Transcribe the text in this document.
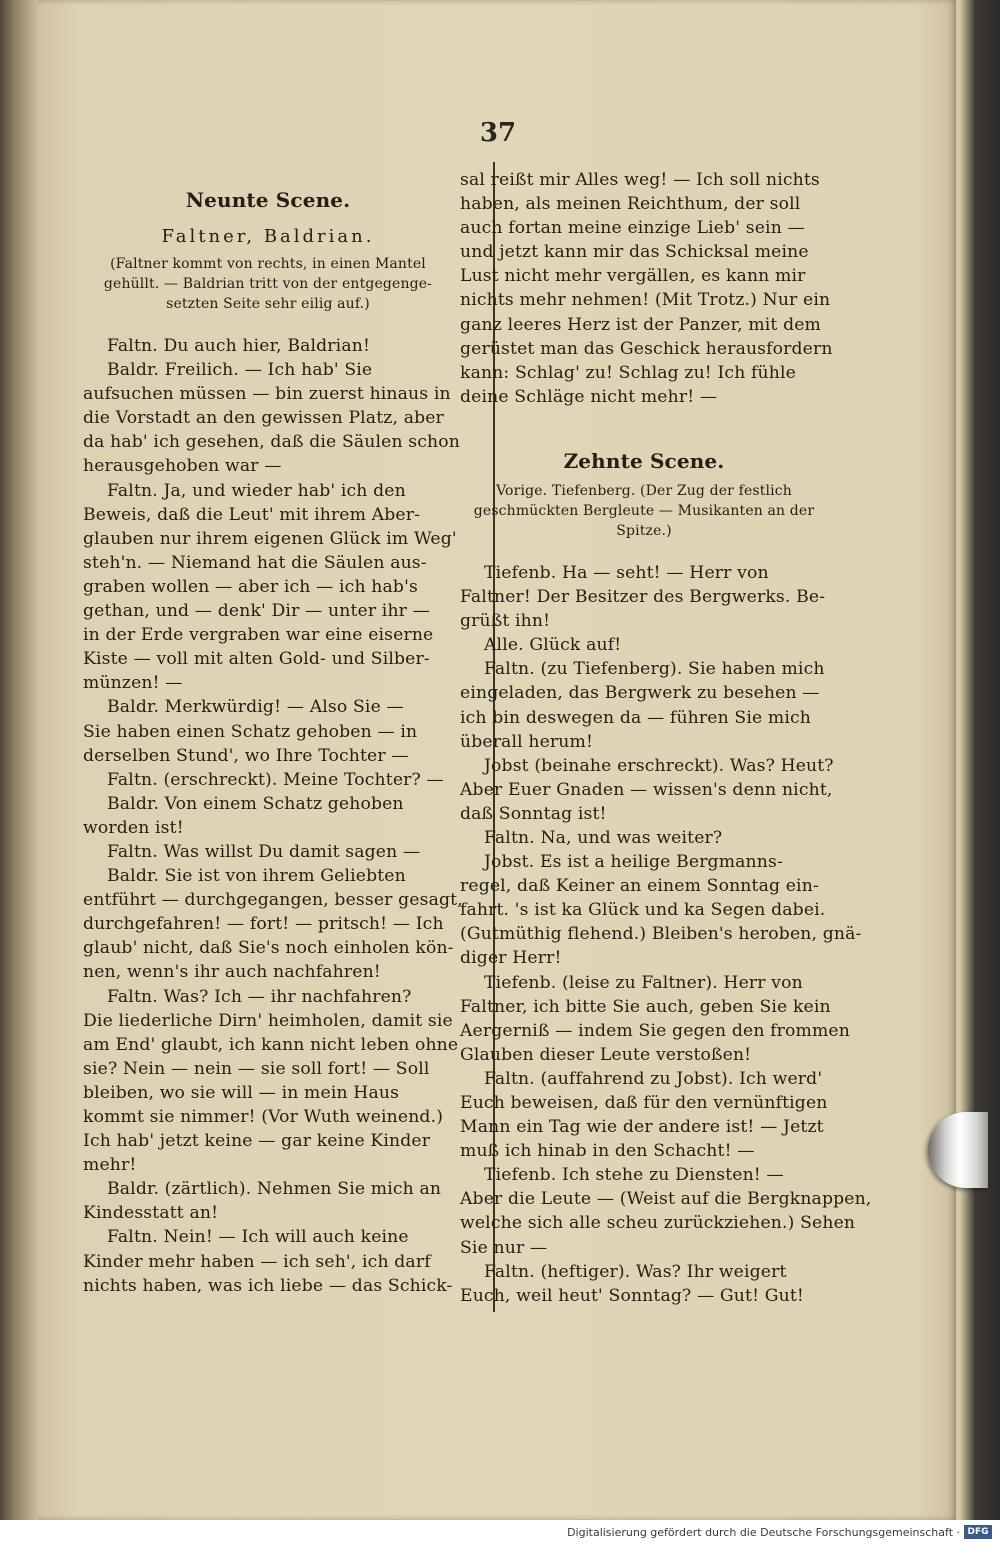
37
Neunte Scene.
Faltner, Baldrian.
(Faltner kommt von rechts, in einen Mantel
gehüllt. — Baldrian tritt von der entgegenge-
setzten Seite sehr eilig auf.)
Faltn. Du auch hier, Baldrian!
Baldr. Freilich. — Ich hab' Sie
aufsuchen müssen — bin zuerst hinaus in
die Vorstadt an den gewissen Platz, aber
da hab' ich gesehen, daß die Säulen schon
herausgehoben war —
Faltn. Ja, und wieder hab' ich den
Beweis, daß die Leut' mit ihrem Aber-
glauben nur ihrem eigenen Glück im Weg'
steh'n. — Niemand hat die Säulen aus-
graben wollen — aber ich — ich hab's
gethan, und — denk' Dir — unter ihr —
in der Erde vergraben war eine eiserne
Kiste — voll mit alten Gold- und Silber-
münzen! —
Baldr. Merkwürdig! — Also Sie —
Sie haben einen Schatz gehoben — in
derselben Stund', wo Ihre Tochter —
Faltn. (erschreckt). Meine Tochter? —
Baldr. Von einem Schatz gehoben
worden ist!
Faltn. Was willst Du damit sagen —
Baldr. Sie ist von ihrem Geliebten
entführt — durchgegangen, besser gesagt,
durchgefahren! — fort! — pritsch! — Ich
glaub' nicht, daß Sie's noch einholen kön-
nen, wenn's ihr auch nachfahren!
Faltn. Was? Ich — ihr nachfahren?
Die liederliche Dirn' heimholen, damit sie
am End' glaubt, ich kann nicht leben ohne
sie? Nein — nein — sie soll fort! — Soll
bleiben, wo sie will — in mein Haus
kommt sie nimmer! (Vor Wuth weinend.)
Ich hab' jetzt keine — gar keine Kinder
mehr!
Baldr. (zärtlich). Nehmen Sie mich an
Kindesstatt an!
Faltn. Nein! — Ich will auch keine
Kinder mehr haben — ich seh', ich darf
nichts haben, was ich liebe — das Schick-
sal reißt mir Alles weg! — Ich soll nichts
haben, als meinen Reichthum, der soll
auch fortan meine einzige Lieb' sein —
und jetzt kann mir das Schicksal meine
Lust nicht mehr vergällen, es kann mir
nichts mehr nehmen! (Mit Trotz.) Nur ein
ganz leeres Herz ist der Panzer, mit dem
gerüstet man das Geschick herausfordern
kann: Schlag' zu! Schlag zu! Ich fühle
deine Schläge nicht mehr! —
Zehnte Scene.
Vorige. Tiefenberg. (Der Zug der festlich
geschmückten Bergleute — Musikanten an der
Spitze.)
Tiefenb. Ha — seht! — Herr von
Faltner! Der Besitzer des Bergwerks. Be-
grüßt ihn!
Alle. Glück auf!
Faltn. (zu Tiefenberg). Sie haben mich
eingeladen, das Bergwerk zu besehen —
ich bin deswegen da — führen Sie mich
überall herum!
Jobst (beinahe erschreckt). Was? Heut?
Aber Euer Gnaden — wissen's denn nicht,
daß Sonntag ist!
Faltn. Na, und was weiter?
Jobst. Es ist a heilige Bergmanns-
regel, daß Keiner an einem Sonntag ein-
fahrt. 's ist ka Glück und ka Segen dabei.
(Gutmüthig flehend.) Bleiben's heroben, gnä-
diger Herr!
Tiefenb. (leise zu Faltner). Herr von
Faltner, ich bitte Sie auch, geben Sie kein
Aergerniß — indem Sie gegen den frommen
Glauben dieser Leute verstoßen!
Faltn. (auffahrend zu Jobst). Ich werd'
Euch beweisen, daß für den vernünftigen
Mann ein Tag wie der andere ist! — Jetzt
muß ich hinab in den Schacht! —
Tiefenb. Ich stehe zu Diensten! —
Aber die Leute — (Weist auf die Bergknappen,
welche sich alle scheu zurückziehen.) Sehen
Sie nur —
Faltn. (heftiger). Was? Ihr weigert
Euch, weil heut' Sonntag? — Gut! Gut!
Digitalisierung gefördert durch die Deutsche Forschungsgemeinschaft · DFG
